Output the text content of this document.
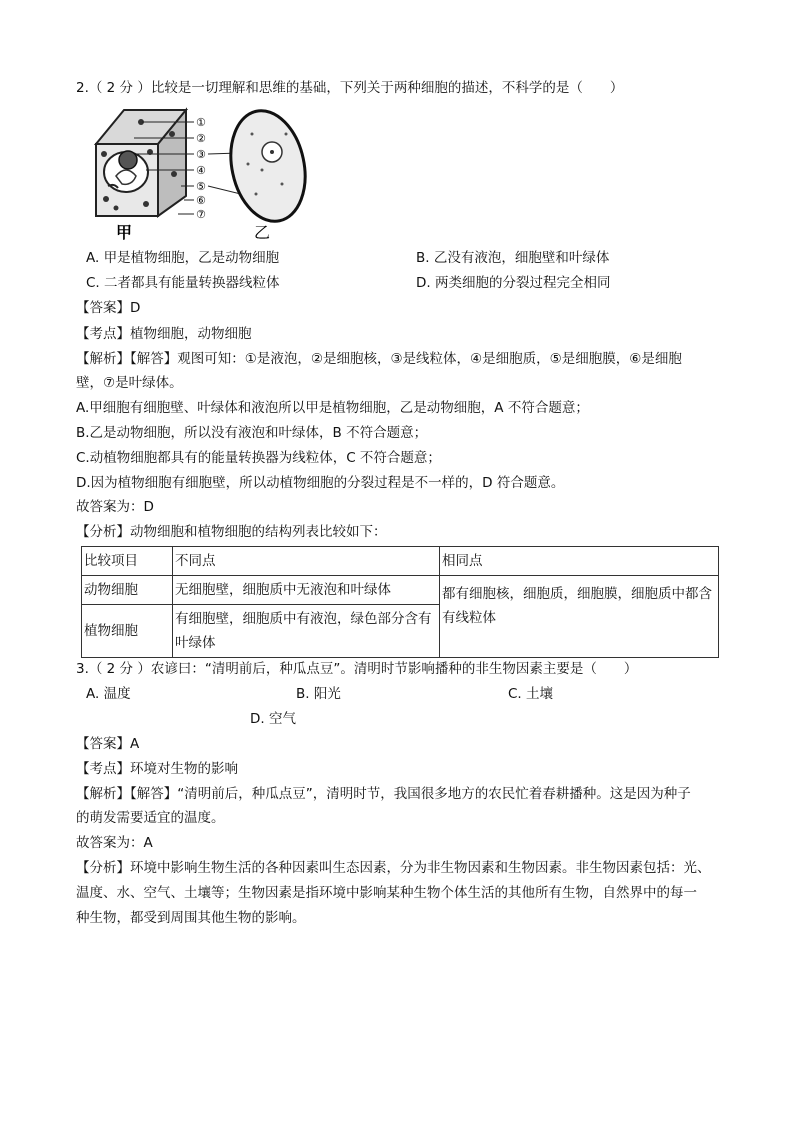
2.（ 2 分 ）比较是一切理解和思维的基础，下列关于两种细胞的描述，不科学的是（　　）
①
②
③
④
⑤
⑥
⑦
甲	乙
A. 甲是植物细胞，乙是动物细胞	B. 乙没有液泡，细胞壁和叶绿体
C. 二者都具有能量转换器线粒体	D. 两类细胞的分裂过程完全相同
【答案】D
【考点】植物细胞，动物细胞
【解析】【解答】观图可知：①是液泡，②是细胞核，③是线粒体，④是细胞质，⑤是细胞膜，⑥是细胞
壁，⑦是叶绿体。
A.甲细胞有细胞壁、叶绿体和液泡所以甲是植物细胞，乙是动物细胞，A 不符合题意；
B.乙是动物细胞，所以没有液泡和叶绿体，B 不符合题意；
C.动植物细胞都具有的能量转换器为线粒体，C 不符合题意；
D.因为植物细胞有细胞壁，所以动植物细胞的分裂过程是不一样的，D 符合题意。
故答案为：D
【分析】动物细胞和植物细胞的结构列表比较如下：
比较项目	不同点	相同点
动物细胞	无细胞壁，细胞质中无液泡和叶绿体	都有细胞核，细胞质，细胞膜，细胞质中都含
有线粒体

植物细胞	有细胞壁，细胞质中有液泡，绿色部分含有
叶绿体	
3.（ 2 分 ）农谚曰：“清明前后，种瓜点豆”。清明时节影响播种的非生物因素主要是（　　）
A. 温度	B. 阳光	C. 土壤
D. 空气
【答案】A
【考点】环境对生物的影响
【解析】【解答】“清明前后，种瓜点豆”，清明时节，我国很多地方的农民忙着春耕播种。这是因为种子
的萌发需要适宜的温度。
故答案为：A
【分析】环境中影响生物生活的各种因素叫生态因素，分为非生物因素和生物因素。非生物因素包括：光、
温度、水、空气、土壤等；生物因素是指环境中影响某种生物个体生活的其他所有生物，自然界中的每一
种生物，都受到周围其他生物的影响。
